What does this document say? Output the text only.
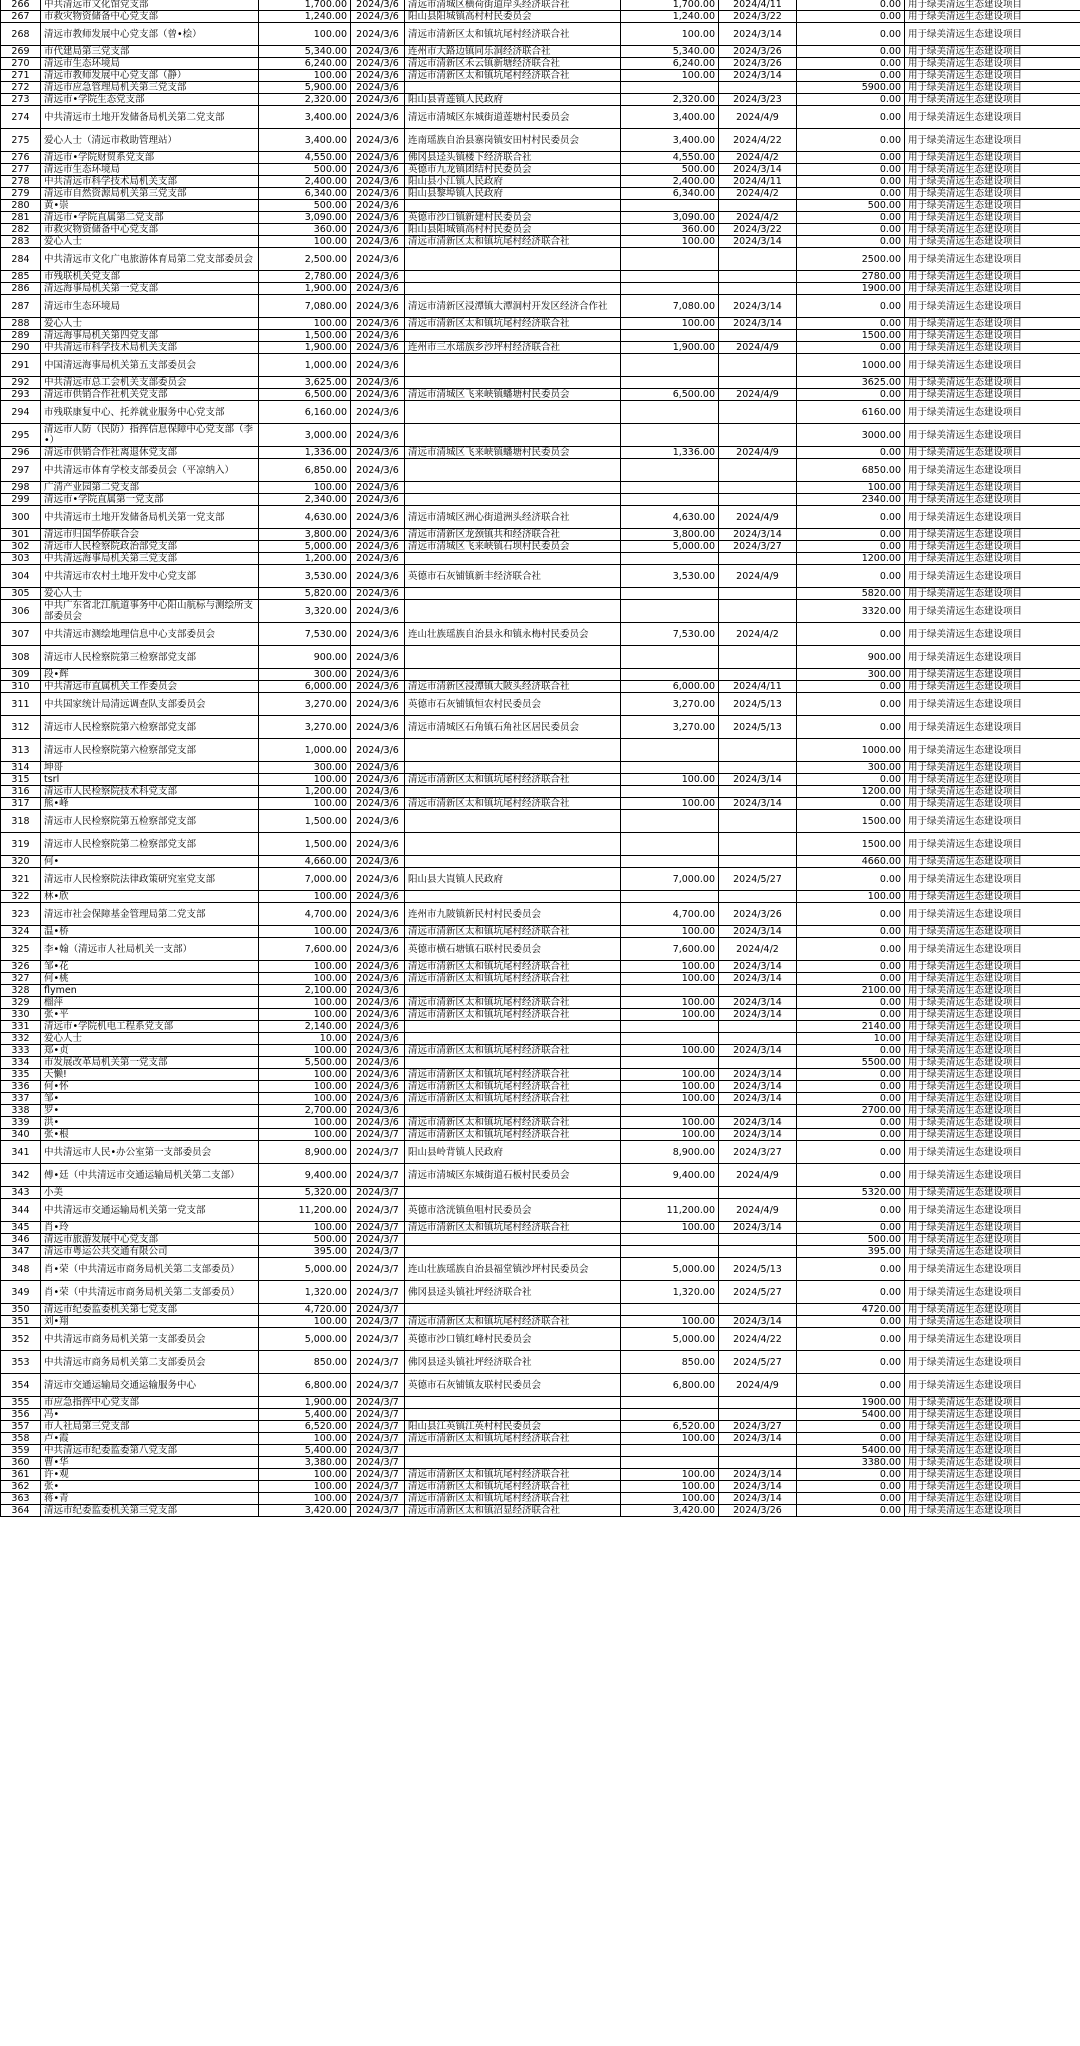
266	中共清远市文化馆党支部	1,700.00	2024/3/6	清远市清城区横荷街道岸头经济联合社	1,700.00	2024/4/11	0.00	用于绿美清远生态建设项目
267	市救灾物资储备中心党支部	1,240.00	2024/3/6	阳山县阳城镇高村村民委员会	1,240.00	2024/3/22	0.00	用于绿美清远生态建设项目
268	清远市教师发展中心党支部（曾•桧）	100.00	2024/3/6	清远市清新区太和镇坑尾村经济联合社	100.00	2024/3/14	0.00	用于绿美清远生态建设项目
269	市代建局第三党支部	5,340.00	2024/3/6	连州市大路边镇同乐洞经济联合社	5,340.00	2024/3/26	0.00	用于绿美清远生态建设项目
270	清远市生态环境局	6,240.00	2024/3/6	清远市清新区禾云镇新塘经济联合社	6,240.00	2024/3/26	0.00	用于绿美清远生态建设项目
271	清远市教师发展中心党支部（静）	100.00	2024/3/6	清远市清新区太和镇坑尾村经济联合社	100.00	2024/3/14	0.00	用于绿美清远生态建设项目
272	清远市应急管理局机关第三党支部	5,900.00	2024/3/6				5900.00	用于绿美清远生态建设项目
273	清远市•学院生态党支部	2,320.00	2024/3/6	阳山县青莲镇人民政府	2,320.00	2024/3/23	0.00	用于绿美清远生态建设项目
274	中共清远市土地开发储备局机关第二党支部	3,400.00	2024/3/6	清远市清城区东城街道莲塘村民委员会	3,400.00	2024/4/9	0.00	用于绿美清远生态建设项目
275	爱心人士（清远市救助管理站）	3,400.00	2024/3/6	连南瑶族自治县寨岗镇安田村村民委员会	3,400.00	2024/4/22	0.00	用于绿美清远生态建设项目
276	清远市•学院财贸系党支部	4,550.00	2024/3/6	佛冈县迳头镇楼下经济联合社	4,550.00	2024/4/2	0.00	用于绿美清远生态建设项目
277	清远市生态环境局	500.00	2024/3/6	英德市九龙镇团结村民委员会	500.00	2024/3/14	0.00	用于绿美清远生态建设项目
278	中共清远市科学技术局机关支部	2,400.00	2024/3/6	阳山县小江镇人民政府	2,400.00	2024/4/11	0.00	用于绿美清远生态建设项目
279	清远市自然资源局机关第三党支部	6,340.00	2024/3/6	阳山县黎埠镇人民政府	6,340.00	2024/4/2	0.00	用于绿美清远生态建设项目
280	黄•崇	500.00	2024/3/6				500.00	用于绿美清远生态建设项目
281	清远市•学院直属第二党支部	3,090.00	2024/3/6	英德市沙口镇新建村民委员会	3,090.00	2024/4/2	0.00	用于绿美清远生态建设项目
282	市救灾物资储备中心党支部	360.00	2024/3/6	阳山县阳城镇高村村民委员会	360.00	2024/3/22	0.00	用于绿美清远生态建设项目
283	爱心人士	100.00	2024/3/6	清远市清新区太和镇坑尾村经济联合社	100.00	2024/3/14	0.00	用于绿美清远生态建设项目
284	中共清远市文化广电旅游体育局第二党支部委员会	2,500.00	2024/3/6				2500.00	用于绿美清远生态建设项目
285	市残联机关党支部	2,780.00	2024/3/6				2780.00	用于绿美清远生态建设项目
286	清远海事局机关第一党支部	1,900.00	2024/3/6				1900.00	用于绿美清远生态建设项目
287	清远市生态环境局	7,080.00	2024/3/6	清远市清新区浸潭镇大潭洞村开发区经济合作社	7,080.00	2024/3/14	0.00	用于绿美清远生态建设项目
288	爱心人士	100.00	2024/3/6	清远市清新区太和镇坑尾村经济联合社	100.00	2024/3/14	0.00	用于绿美清远生态建设项目
289	清远海事局机关第四党支部	1,500.00	2024/3/6				1500.00	用于绿美清远生态建设项目
290	中共清远市科学技术局机关支部	1,900.00	2024/3/6	连州市三水瑶族乡沙坪村经济联合社	1,900.00	2024/4/9	0.00	用于绿美清远生态建设项目
291	中国清远海事局机关第五支部委员会	1,000.00	2024/3/6				1000.00	用于绿美清远生态建设项目
292	中共清远市总工会机关支部委员会	3,625.00	2024/3/6				3625.00	用于绿美清远生态建设项目
293	清远市供销合作社机关党支部	6,500.00	2024/3/6	清远市清城区飞来峡镇蟠塘村民委员会	6,500.00	2024/4/9	0.00	用于绿美清远生态建设项目
294	市残联康复中心、托养就业服务中心党支部	6,160.00	2024/3/6				6160.00	用于绿美清远生态建设项目
295	清远市人防（民防）指挥信息保障中心党支部（李•）	3,000.00	2024/3/6				3000.00	用于绿美清远生态建设项目
296	清远市供销合作社离退休党支部	1,336.00	2024/3/6	清远市清城区飞来峡镇蟠塘村民委员会	1,336.00	2024/4/9	0.00	用于绿美清远生态建设项目
297	中共清远市体育学校支部委员会（平凉纳入）	6,850.00	2024/3/6				6850.00	用于绿美清远生态建设项目
298	广清产业园第二党支部	100.00	2024/3/6				100.00	用于绿美清远生态建设项目
299	清远市•学院直属第一党支部	2,340.00	2024/3/6				2340.00	用于绿美清远生态建设项目
300	中共清远市土地开发储备局机关第一党支部	4,630.00	2024/3/6	清远市清城区洲心街道洲头经济联合社	4,630.00	2024/4/9	0.00	用于绿美清远生态建设项目
301	清远市归国华侨联合会	3,800.00	2024/3/6	清远市清新区龙颈镇共和经济联合社	3,800.00	2024/3/14	0.00	用于绿美清远生态建设项目
302	清远市人民检察院政治部党支部	5,000.00	2024/3/6	清远市清城区飞来峡镇石坝村民委员会	5,000.00	2024/3/27	0.00	用于绿美清远生态建设项目
303	中共清远海事局机关第三党支部	1,200.00	2024/3/6				1200.00	用于绿美清远生态建设项目
304	中共清远市农村土地开发中心党支部	3,530.00	2024/3/6	英德市石灰铺镇新丰经济联合社	3,530.00	2024/4/9	0.00	用于绿美清远生态建设项目
305	爱心人士	5,820.00	2024/3/6				5820.00	用于绿美清远生态建设项目
306	中共广东省北江航道事务中心阳山航标与测绘所支部委员会	3,320.00	2024/3/6				3320.00	用于绿美清远生态建设项目
307	中共清远市测绘地理信息中心支部委员会	7,530.00	2024/3/6	连山壮族瑶族自治县永和镇永梅村民委员会	7,530.00	2024/4/2	0.00	用于绿美清远生态建设项目
308	清远市人民检察院第三检察部党支部	900.00	2024/3/6				900.00	用于绿美清远生态建设项目
309	段•辉	300.00	2024/3/6				300.00	用于绿美清远生态建设项目
310	中共清远市直属机关工作委员会	6,000.00	2024/3/6	清远市清新区浸潭镇大陂头经济联合社	6,000.00	2024/4/11	0.00	用于绿美清远生态建设项目
311	中共国家统计局清远调查队支部委员会	3,270.00	2024/3/6	英德市石灰铺镇恒农村民委员会	3,270.00	2024/5/13	0.00	用于绿美清远生态建设项目
312	清远市人民检察院第六检察部党支部	3,270.00	2024/3/6	清远市清城区石角镇石角社区居民委员会	3,270.00	2024/5/13	0.00	用于绿美清远生态建设项目
313	清远市人民检察院第六检察部党支部	1,000.00	2024/3/6				1000.00	用于绿美清远生态建设项目
314	坤哥	300.00	2024/3/6				300.00	用于绿美清远生态建设项目
315	tsrl	100.00	2024/3/6	清远市清新区太和镇坑尾村经济联合社	100.00	2024/3/14	0.00	用于绿美清远生态建设项目
316	清远市人民检察院技术科党支部	1,200.00	2024/3/6				1200.00	用于绿美清远生态建设项目
317	熊•峰	100.00	2024/3/6	清远市清新区太和镇坑尾村经济联合社	100.00	2024/3/14	0.00	用于绿美清远生态建设项目
318	清远市人民检察院第五检察部党支部	1,500.00	2024/3/6				1500.00	用于绿美清远生态建设项目
319	清远市人民检察院第二检察部党支部	1,500.00	2024/3/6				1500.00	用于绿美清远生态建设项目
320	何•	4,660.00	2024/3/6				4660.00	用于绿美清远生态建设项目
321	清远市人民检察院法律政策研究室党支部	7,000.00	2024/3/6	阳山县大崀镇人民政府	7,000.00	2024/5/27	0.00	用于绿美清远生态建设项目
322	林•欣	100.00	2024/3/6				100.00	用于绿美清远生态建设项目
323	清远市社会保障基金管理局第二党支部	4,700.00	2024/3/6	连州市九陂镇新民村村民委员会	4,700.00	2024/3/26	0.00	用于绿美清远生态建设项目
324	温•桥	100.00	2024/3/6	清远市清新区太和镇坑尾村经济联合社	100.00	2024/3/14	0.00	用于绿美清远生态建设项目
325	李•翰（清远市人社局机关一支部）	7,600.00	2024/3/6	英德市横石塘镇石联村民委员会	7,600.00	2024/4/2	0.00	用于绿美清远生态建设项目
326	邹•花	100.00	2024/3/6	清远市清新区太和镇坑尾村经济联合社	100.00	2024/3/14	0.00	用于绿美清远生态建设项目
327	何•桃	100.00	2024/3/6	清远市清新区太和镇坑尾村经济联合社	100.00	2024/3/14	0.00	用于绿美清远生态建设项目
328	flymen	2,100.00	2024/3/6				2100.00	用于绿美清远生态建设项目
329	榴萍	100.00	2024/3/6	清远市清新区太和镇坑尾村经济联合社	100.00	2024/3/14	0.00	用于绿美清远生态建设项目
330	张•平	100.00	2024/3/6	清远市清新区太和镇坑尾村经济联合社	100.00	2024/3/14	0.00	用于绿美清远生态建设项目
331	清远市•学院机电工程系党支部	2,140.00	2024/3/6				2140.00	用于绿美清远生态建设项目
332	爱心人士	10.00	2024/3/6				10.00	用于绿美清远生态建设项目
333	郑•贞	100.00	2024/3/6	清远市清新区太和镇坑尾村经济联合社	100.00	2024/3/14	0.00	用于绿美清远生态建设项目
334	市发展改革局机关第一党支部	5,500.00	2024/3/6				5500.00	用于绿美清远生态建设项目
335	天懒!	100.00	2024/3/6	清远市清新区太和镇坑尾村经济联合社	100.00	2024/3/14	0.00	用于绿美清远生态建设项目
336	何•怀	100.00	2024/3/6	清远市清新区太和镇坑尾村经济联合社	100.00	2024/3/14	0.00	用于绿美清远生态建设项目
337	邹•	100.00	2024/3/6	清远市清新区太和镇坑尾村经济联合社	100.00	2024/3/14	0.00	用于绿美清远生态建设项目
338	罗•	2,700.00	2024/3/6				2700.00	用于绿美清远生态建设项目
339	洪•	100.00	2024/3/6	清远市清新区太和镇坑尾村经济联合社	100.00	2024/3/14	0.00	用于绿美清远生态建设项目
340	张•根	100.00	2024/3/7	清远市清新区太和镇坑尾村经济联合社	100.00	2024/3/14	0.00	用于绿美清远生态建设项目
341	中共清远市人民•办公室第一支部委员会	8,900.00	2024/3/7	阳山县岭背镇人民政府	8,900.00	2024/3/27	0.00	用于绿美清远生态建设项目
342	傅•廷（中共清远市交通运输局机关第二支部）	9,400.00	2024/3/7	清远市清城区东城街道石板村民委员会	9,400.00	2024/4/9	0.00	用于绿美清远生态建设项目
343	小美	5,320.00	2024/3/7				5320.00	用于绿美清远生态建设项目
344	中共清远市交通运输局机关第一党支部	11,200.00	2024/3/7	英德市浛洸镇鱼咀村民委员会	11,200.00	2024/4/9	0.00	用于绿美清远生态建设项目
345	肖•玲	100.00	2024/3/7	清远市清新区太和镇坑尾村经济联合社	100.00	2024/3/14	0.00	用于绿美清远生态建设项目
346	清远市旅游发展中心党支部	500.00	2024/3/7				500.00	用于绿美清远生态建设项目
347	清远市粤运公共交通有限公司	395.00	2024/3/7				395.00	用于绿美清远生态建设项目
348	肖•荣（中共清远市商务局机关第二支部委员）	5,000.00	2024/3/7	连山壮族瑶族自治县福堂镇沙坪村民委员会	5,000.00	2024/5/13	0.00	用于绿美清远生态建设项目
349	肖•荣（中共清远市商务局机关第二支部委员）	1,320.00	2024/3/7	佛冈县迳头镇社坪经济联合社	1,320.00	2024/5/27	0.00	用于绿美清远生态建设项目
350	清远市纪委监委机关第七党支部	4,720.00	2024/3/7				4720.00	用于绿美清远生态建设项目
351	刘•翔	100.00	2024/3/7	清远市清新区太和镇坑尾村经济联合社	100.00	2024/3/14	0.00	用于绿美清远生态建设项目
352	中共清远市商务局机关第一支部委员会	5,000.00	2024/3/7	英德市沙口镇红峰村民委员会	5,000.00	2024/4/22	0.00	用于绿美清远生态建设项目
353	中共清远市商务局机关第二支部委员会	850.00	2024/3/7	佛冈县迳头镇社坪经济联合社	850.00	2024/5/27	0.00	用于绿美清远生态建设项目
354	清远市交通运输局交通运输服务中心	6,800.00	2024/3/7	英德市石灰铺镇友联村民委员会	6,800.00	2024/4/9	0.00	用于绿美清远生态建设项目
355	市应急指挥中心党支部	1,900.00	2024/3/7				1900.00	用于绿美清远生态建设项目
356	冯•	5,400.00	2024/3/7				5400.00	用于绿美清远生态建设项目
357	市人社局第三党支部	6,520.00	2024/3/7	阳山县江英镇江英村村民委员会	6,520.00	2024/3/27	0.00	用于绿美清远生态建设项目
358	卢•霞	100.00	2024/3/7	清远市清新区太和镇坑尾村经济联合社	100.00	2024/3/14	0.00	用于绿美清远生态建设项目
359	中共清远市纪委监委第八党支部	5,400.00	2024/3/7				5400.00	用于绿美清远生态建设项目
360	曹•华	3,380.00	2024/3/7				3380.00	用于绿美清远生态建设项目
361	许•观	100.00	2024/3/7	清远市清新区太和镇坑尾村经济联合社	100.00	2024/3/14	0.00	用于绿美清远生态建设项目
362	张•	100.00	2024/3/7	清远市清新区太和镇坑尾村经济联合社	100.00	2024/3/14	0.00	用于绿美清远生态建设项目
363	蒋•青	100.00	2024/3/7	清远市清新区太和镇坑尾村经济联合社	100.00	2024/3/14	0.00	用于绿美清远生态建设项目
364	清远市纪委监委机关第三党支部	3,420.00	2024/3/7	清远市清新区太和镇沼显经济联合社	3,420.00	2024/3/26	0.00	用于绿美清远生态建设项目
